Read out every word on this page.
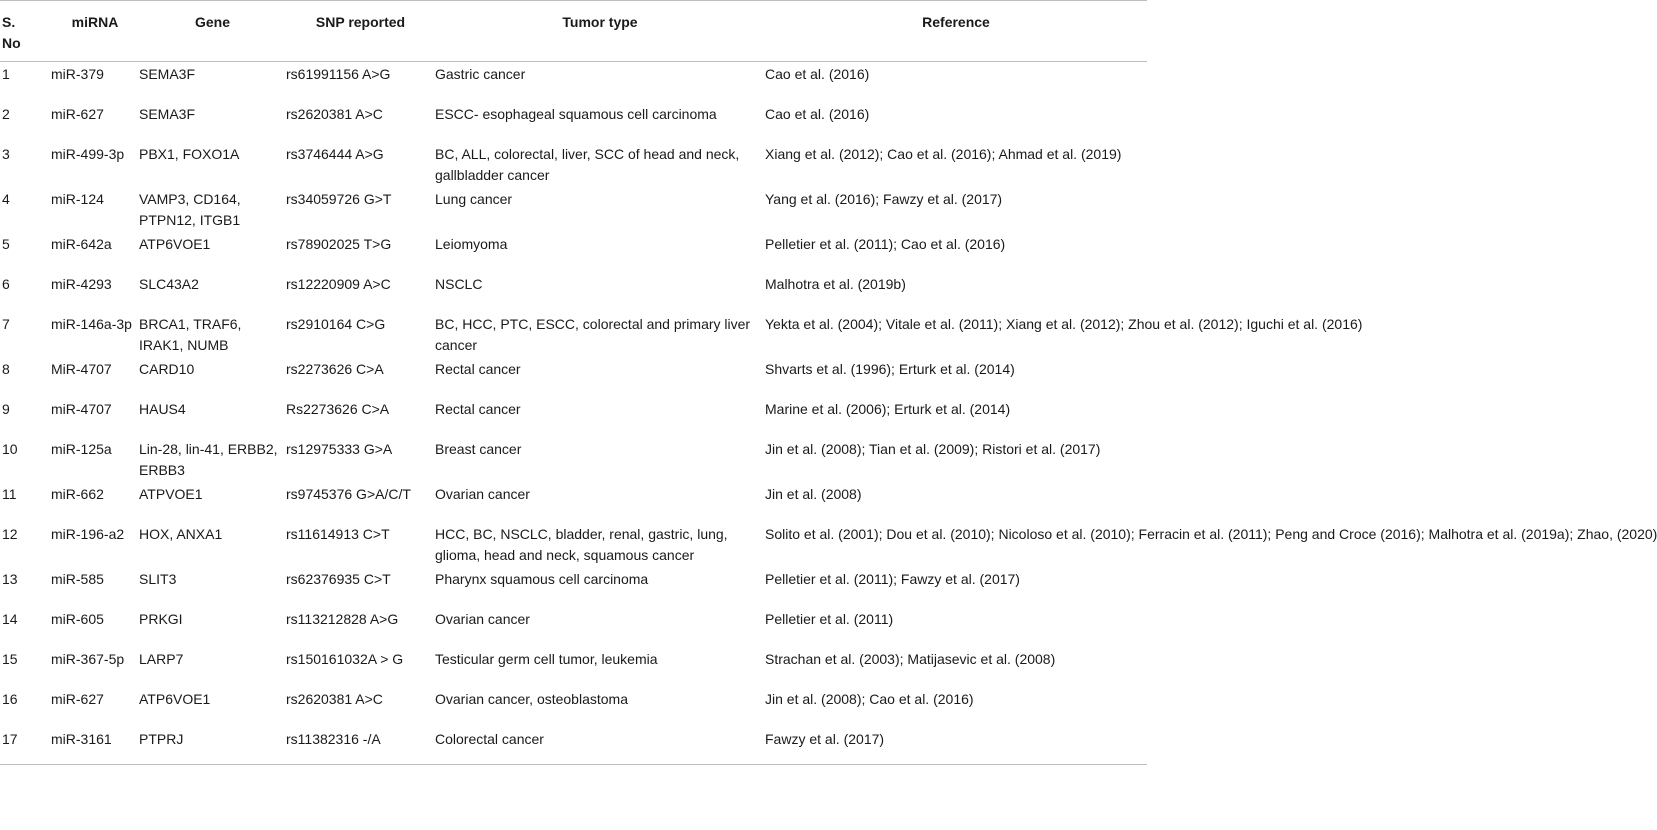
S.
No	miRNA	Gene	SNP reported	Tumor type	Reference
1	miR-379	SEMA3F	rs61991156 A>G	Gastric cancer	Cao et al. (2016)
2	miR-627	SEMA3F	rs2620381 A>C	ESCC- esophageal squamous cell carcinoma	Cao et al. (2016)
3	miR-499-3p	PBX1, FOXO1A	rs3746444 A>G	BC, ALL, colorectal, liver, SCC of head and neck, gallbladder cancer	Xiang et al. (2012); Cao et al. (2016); Ahmad et al. (2019)
4	miR-124	VAMP3, CD164, PTPN12, ITGB1	rs34059726 G>T	Lung cancer	Yang et al. (2016); Fawzy et al. (2017)
5	miR-642a	ATP6VOE1	rs78902025 T>G	Leiomyoma	Pelletier et al. (2011); Cao et al. (2016)
6	miR-4293	SLC43A2	rs12220909 A>C	NSCLC	Malhotra et al. (2019b)
7	miR-146a-3p	BRCA1, TRAF6, IRAK1, NUMB	rs2910164 C>G	BC, HCC, PTC, ESCC, colorectal and primary liver cancer	Yekta et al. (2004); Vitale et al. (2011); Xiang et al. (2012); Zhou et al. (2012); Iguchi et al. (2016)
8	MiR-4707	CARD10	rs2273626 C>A	Rectal cancer	Shvarts et al. (1996); Erturk et al. (2014)
9	miR-4707	HAUS4	Rs2273626 C>A	Rectal cancer	Marine et al. (2006); Erturk et al. (2014)
10	miR-125a	Lin-28, lin-41, ERBB2, ERBB3	rs12975333 G>A	Breast cancer	Jin et al. (2008); Tian et al. (2009); Ristori et al. (2017)
11	miR-662	ATPVOE1	rs9745376 G>A/C/T	Ovarian cancer	Jin et al. (2008)
12	miR-196-a2	HOX, ANXA1	rs11614913 C>T	HCC, BC, NSCLC, bladder, renal, gastric, lung, glioma, head and neck, squamous cancer	Solito et al. (2001); Dou et al. (2010); Nicoloso et al. (2010); Ferracin et al. (2011); Peng and Croce (2016); Malhotra et al. (2019a); Zhao, (2020)
13	miR-585	SLIT3	rs62376935 C>T	Pharynx squamous cell carcinoma	Pelletier et al. (2011); Fawzy et al. (2017)
14	miR-605	PRKGI	rs113212828 A>G	Ovarian cancer	Pelletier et al. (2011)
15	miR-367-5p	LARP7	rs150161032A > G	Testicular germ cell tumor, leukemia	Strachan et al. (2003); Matijasevic et al. (2008)
16	miR-627	ATP6VOE1	rs2620381 A>C	Ovarian cancer, osteoblastoma	Jin et al. (2008); Cao et al. (2016)
17	miR-3161	PTPRJ	rs11382316 -/A	Colorectal cancer	Fawzy et al. (2017)
